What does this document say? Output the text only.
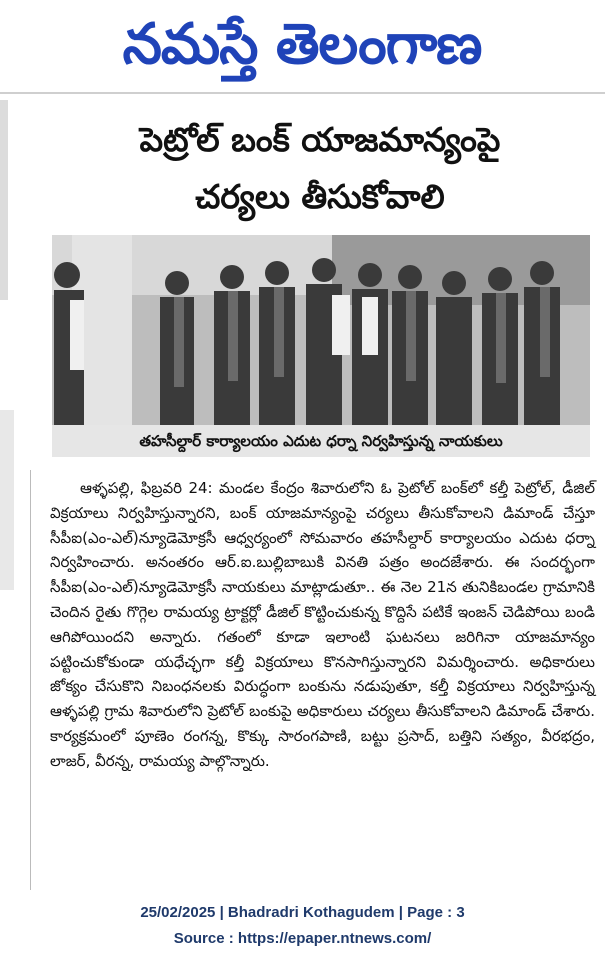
నమస్తే తెలంగాణ
పెట్రోల్ బంక్ యాజమాన్యంపై
చర్యలు తీసుకోవాలి
తహసీల్దార్ కార్యాలయం ఎదుట ధర్నా నిర్వహిస్తున్న నాయకులు
ఆళ్ళపల్లి, ఫిబ్రవరి 24: మండల కేంద్రం శివారులోని ఓ ప్రెటోల్ బంక్‌లో కల్తీ పెట్రోల్, డీజిల్ విక్రయాలు నిర్వహిస్తున్నారని, బంక్ యాజమాన్యంపై చర్యలు తీసుకోవాలని డిమాండ్ చేస్తూ సీపీఐ(ఎం-ఎల్)న్యూడెమోక్రసీ ఆధ్వర్యంలో సోమవారం తహసీల్దార్ కార్యాలయం ఎదుట ధర్నా నిర్వహించారు. అనంతరం ఆర్.ఐ.బుల్లిబాబుకి వినతి పత్రం అందజేశారు. ఈ సందర్భంగా సీపీఐ(ఎం-ఎల్)న్యూడెమోక్రసీ నాయకులు మాట్లాడుతూ.. ఈ నెల 21న తునికిబండల గ్రామానికి చెందిన రైతు గొగ్గెల రామయ్య ట్రాక్టర్లో డీజిల్ కొట్టించుకున్న కొద్దిసే పటికే ఇంజన్ చెడిపోయి బండి ఆగిపోయిందని అన్నారు. గతంలో కూడా ఇలాంటి ఘటనలు జరిగినా యాజమాన్యం పట్టించుకోకుండా యధేచ్ఛగా కల్తీ విక్రయాలు కొనసాగిస్తున్నారని విమర్శించారు. అధికారులు జోక్యం చేసుకొని నిబంధనలకు విరుద్ధంగా బంకును నడుపుతూ, కల్తీ విక్రయాలు నిర్వహిస్తున్న ఆళ్ళపల్లి గ్రామ శివారులోని ప్రెటోల్ బంకుపై అధికారులు చర్యలు తీసుకోవాలని డిమాండ్ చేశారు. కార్యక్రమంలో పూణెం రంగన్న, కొక్కు సారంగపాణి, బట్టు ప్రసాద్, బత్తిని సత్యం, వీరభద్రం, లాజర్, వీరన్న, రామయ్య పాల్గొన్నారు.
25/02/2025 | Bhadradri Kothagudem | Page : 3
Source : https://epaper.ntnews.com/
